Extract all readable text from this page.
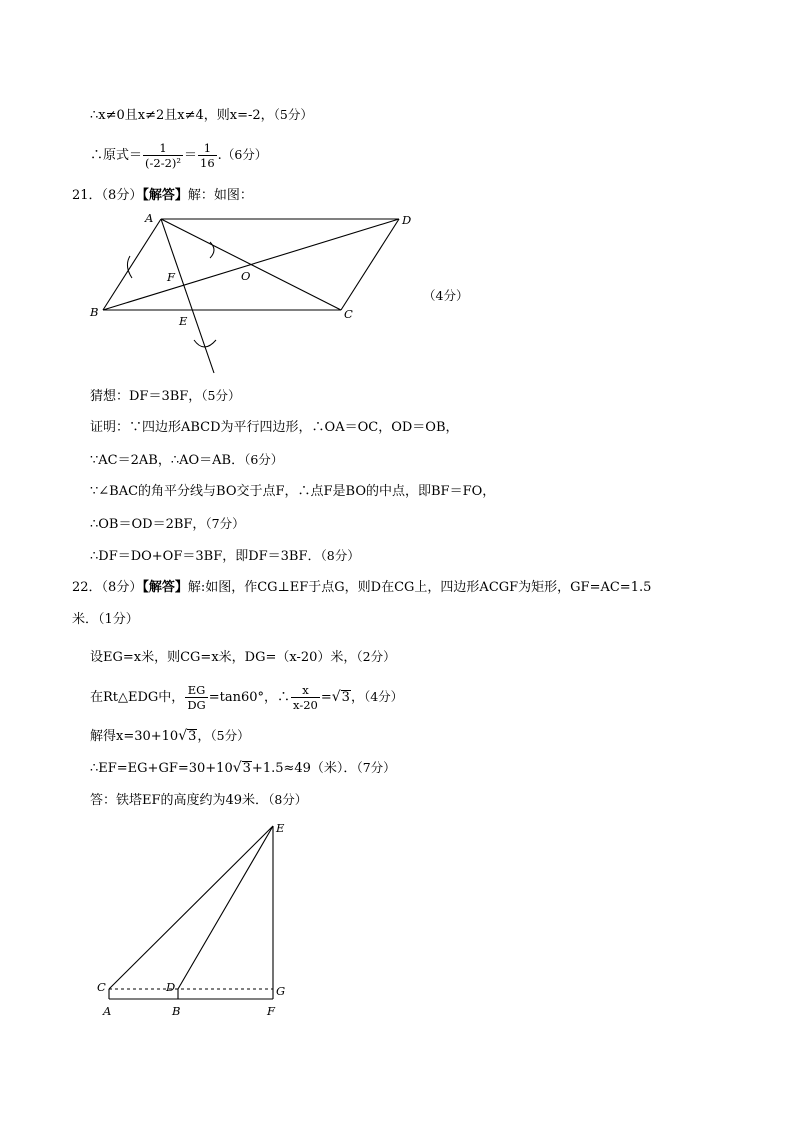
∴x≠0且x≠2且x≠4，则x=-2，（5分）
∴原式＝ $\frac{1}{\text{(-2-2)²}} = \frac{1}{16} .(6$分）
21．（8分）【解答】解：如图：
A	D
B	C
F	O
E
（4分）
猜想：DF＝3BF，（5分）
证明：∵四边形ABCD为平行四边形，∴OA＝OC，OD＝OB，
∵AC＝2AB，∴AO＝AB．（6分）
∵∠BAC的角平分线与BO交于点F，∴点F是BO的中点，即BF＝FO，
∴OB＝OD＝2BF，（7分）
∴DF＝DO+OF＝3BF，即DF＝3BF．（8分）
22．（8分）【解答】解:如图，作CG⊥EF于点G，则D在CG上，四边形ACGF为矩形，GF=AC=1.5
米．（1分）
设EG=x米，则CG=x米，DG=（x-20）米，（2分）
在Rt△EDG中， $\frac{EG}{DG} =\tan 60^\circ$，∴ $\frac{x}{x-20} =√3$，（4分）
解得x=30+10√3，（5分）
∴EF=EG+GF=30+10√3+1.5≈49（米）．（7分）
答：铁塔EF的高度约为49米．（8分）
E
C	D	G
A	B	F
